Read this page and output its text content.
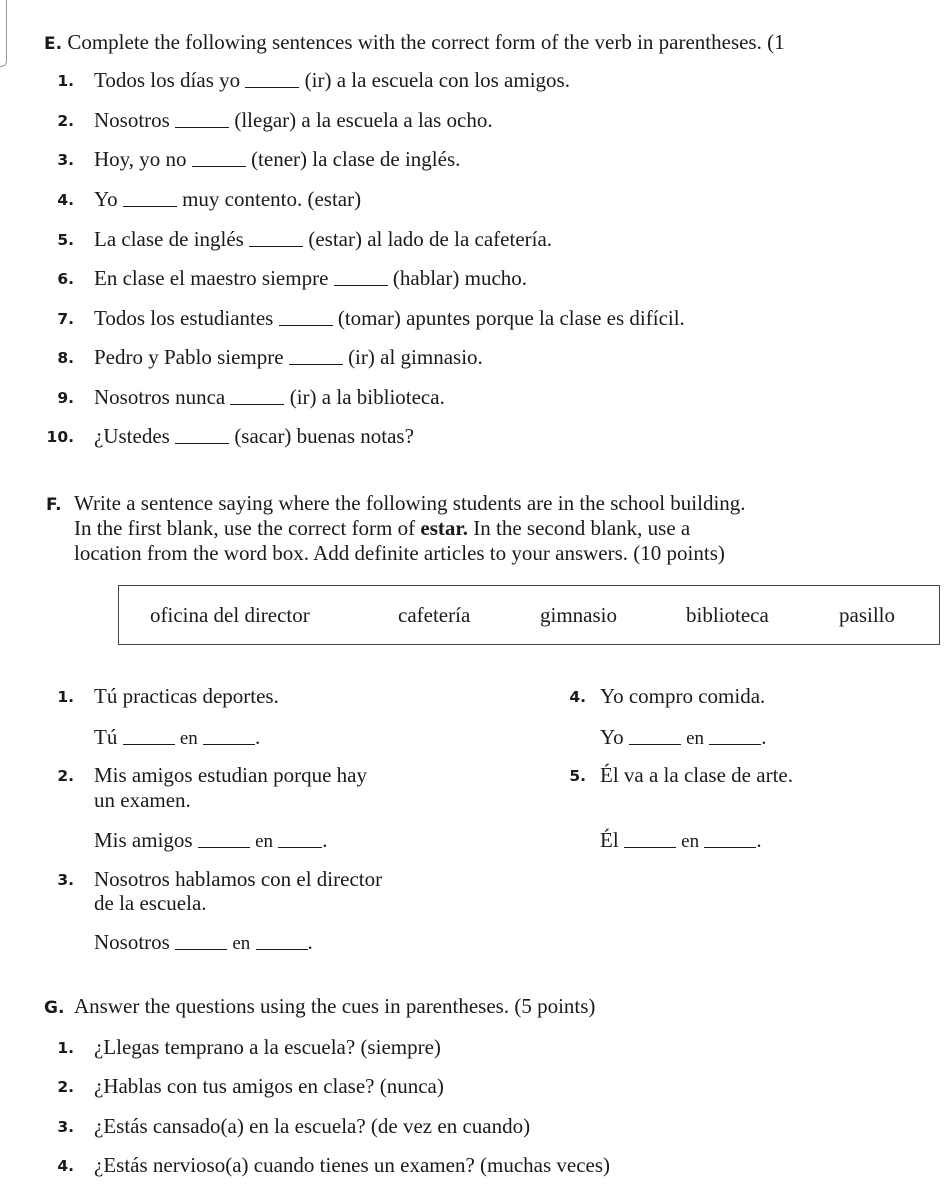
E. Complete the following sentences with the correct form of the verb in parentheses. (1
1. Todos los días yo	(ir) a la escuela con los amigos.
2. Nosotros	(llegar) a la escuela a las ocho.
3. Hoy, yo no	(tener) la clase de inglés.
4. Yo	muy contento. (estar)
5. La clase de inglés	(estar) al lado de la cafetería.
6. En clase el maestro siempre	(hablar) mucho.
7. Todos los estudiantes	(tomar) apuntes porque la clase es difícil.
8. Pedro y Pablo siempre	(ir) al gimnasio.
9. Nosotros nunca	(ir) a la biblioteca.
10. ¿Ustedes	(sacar) buenas notas?
F. Write a sentence saying where the following students are in the school building.
In the first blank, use the correct form of estar. In the second blank, use a
location from the word box. Add definite articles to your answers. (10 points)
oficina del director	cafetería	gimnasio	biblioteca	pasillo
1. Tú practicas deportes.
Tú	en	.
2. Mis amigos estudian porque hay
un examen.
Mis amigos	en .
3. Nosotros hablamos con el director
de la escuela.
Nosotros	en	.
4. Yo compro comida.
Yo	en	.
5. Él va a la clase de arte.
Él	en	.
G. Answer the questions using the cues in parentheses. (5 points)
1. ¿Llegas temprano a la escuela? (siempre)
2. ¿Hablas con tus amigos en clase? (nunca)
3. ¿Estás cansado(a) en la escuela? (de vez en cuando)
4. ¿Estás nervioso(a) cuando tienes un examen? (muchas veces)
